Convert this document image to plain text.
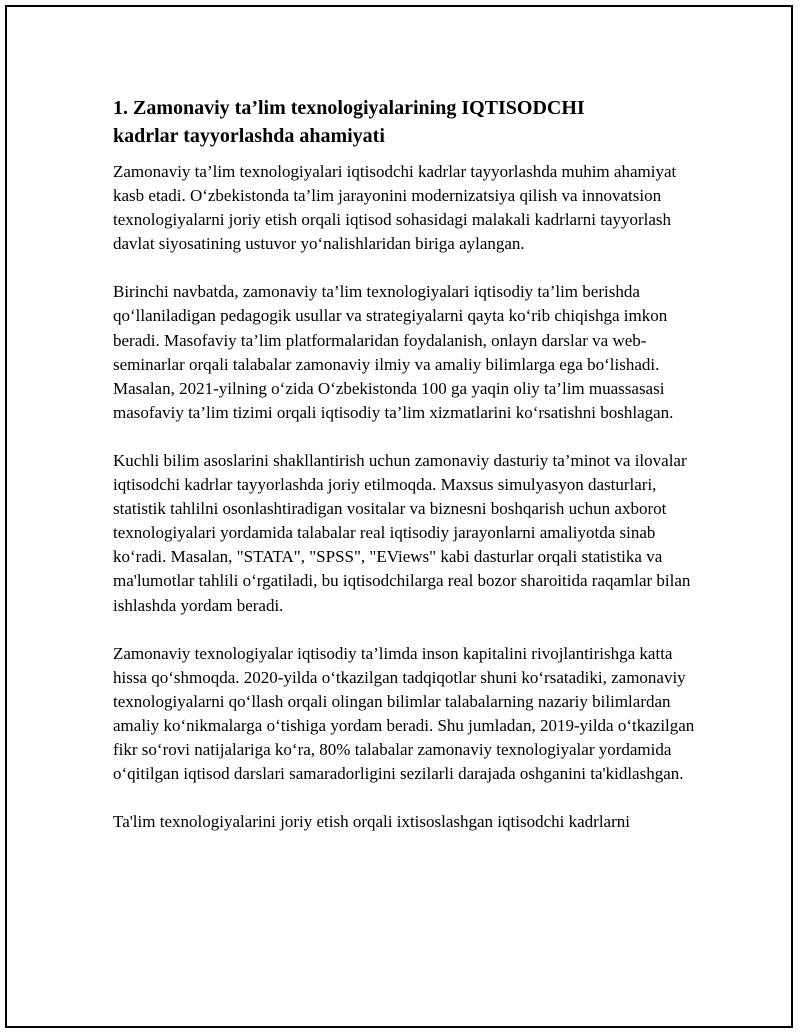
1. Zamonaviy ta’lim texnologiyalarining IQTISODCHI
kadrlar tayyorlashda ahamiyati

Zamonaviy ta’lim texnologiyalari iqtisodchi kadrlar tayyorlashda muhim ahamiyat kasb etadi. O‘zbekistonda ta’lim jarayonini modernizatsiya qilish va innovatsion texnologiyalarni joriy etish orqali iqtisod sohasidagi malakali kadrlarni tayyorlash davlat siyosatining ustuvor yo‘nalishlaridan biriga aylangan.

Birinchi navbatda, zamonaviy ta’lim texnologiyalari iqtisodiy ta’lim berishda qo‘llaniladigan pedagogik usullar va strategiyalarni qayta ko‘rib chiqishga imkon beradi. Masofaviy ta’lim platformalaridan foydalanish, onlayn darslar va web-seminarlar orqali talabalar zamonaviy ilmiy va amaliy bilimlarga ega bo‘lishadi. Masalan, 2021-yilning o‘zida O‘zbekistonda 100 ga yaqin oliy ta’lim muassasasi masofaviy ta’lim tizimi orqali iqtisodiy ta’lim xizmatlarini ko‘rsatishni boshlagan.

Kuchli bilim asoslarini shakllantirish uchun zamonaviy dasturiy ta’minot va ilovalar iqtisodchi kadrlar tayyorlashda joriy etilmoqda. Maxsus simulyasyon dasturlari, statistik tahlilni osonlashtiradigan vositalar va biznesni boshqarish uchun axborot texnologiyalari yordamida talabalar real iqtisodiy jarayonlarni amaliyotda sinab ko‘radi. Masalan, "STATA", "SPSS", "EViews" kabi dasturlar orqali statistika va ma'lumotlar tahlili o‘rgatiladi, bu iqtisodchilarga real bozor sharoitida raqamlar bilan ishlashda yordam beradi.

Zamonaviy texnologiyalar iqtisodiy ta’limda inson kapitalini rivojlantirishga katta hissa qo‘shmoqda. 2020-yilda o‘tkazilgan tadqiqotlar shuni ko‘rsatadiki, zamonaviy texnologiyalarni qo‘llash orqali olingan bilimlar talabalarning nazariy bilimlardan amaliy ko‘nikmalarga o‘tishiga yordam beradi. Shu jumladan, 2019-yilda o‘tkazilgan fikr so‘rovi natijalariga ko‘ra, 80% talabalar zamonaviy texnologiyalar yordamida o‘qitilgan iqtisod darslari samaradorligini sezilarli darajada oshganini ta'kidlashgan.

Ta'lim texnologiyalarini joriy etish orqali ixtisoslashgan iqtisodchi kadrlarni
